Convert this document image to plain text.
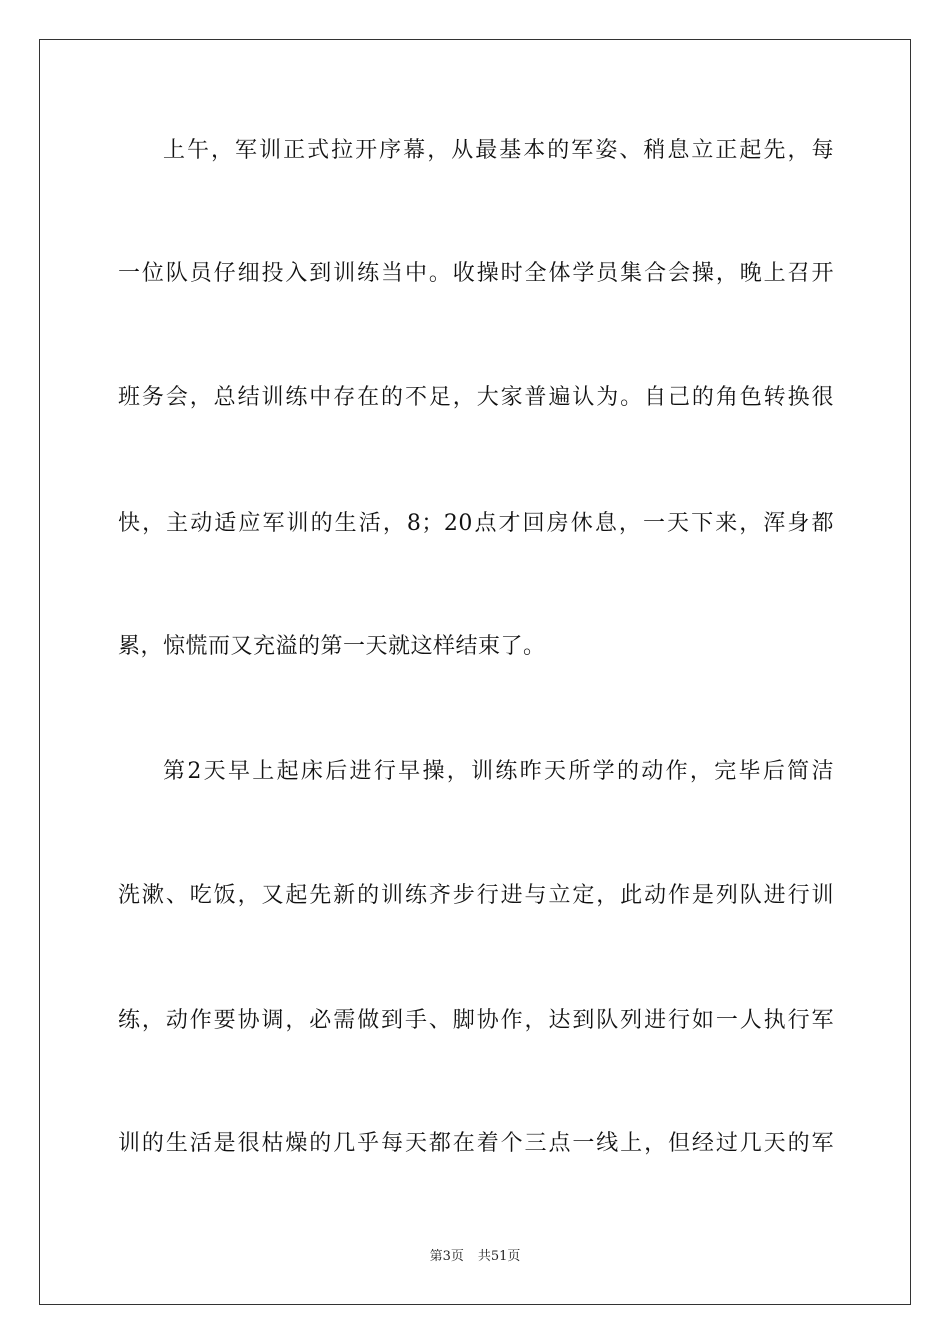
上午，军训正式拉开序幕，从最基本的军姿、稍息立正起先，每
一位队员仔细投入到训练当中。收操时全体学员集合会操，晚上召开
班务会，总结训练中存在的不足，大家普遍认为。自己的角色转换很
快，主动适应军训的生活，8；20点才回房休息，一天下来，浑身都
累，惊慌而又充溢的第一天就这样结束了。
第2天早上起床后进行早操，训练昨天所学的动作，完毕后简洁
洗漱、吃饭，又起先新的训练齐步行进与立定，此动作是列队进行训
练，动作要协调，必需做到手、脚协作，达到队列进行如一人执行军
训的生活是很枯燥的几乎每天都在着个三点一线上，但经过几天的军
第3页 共51页
